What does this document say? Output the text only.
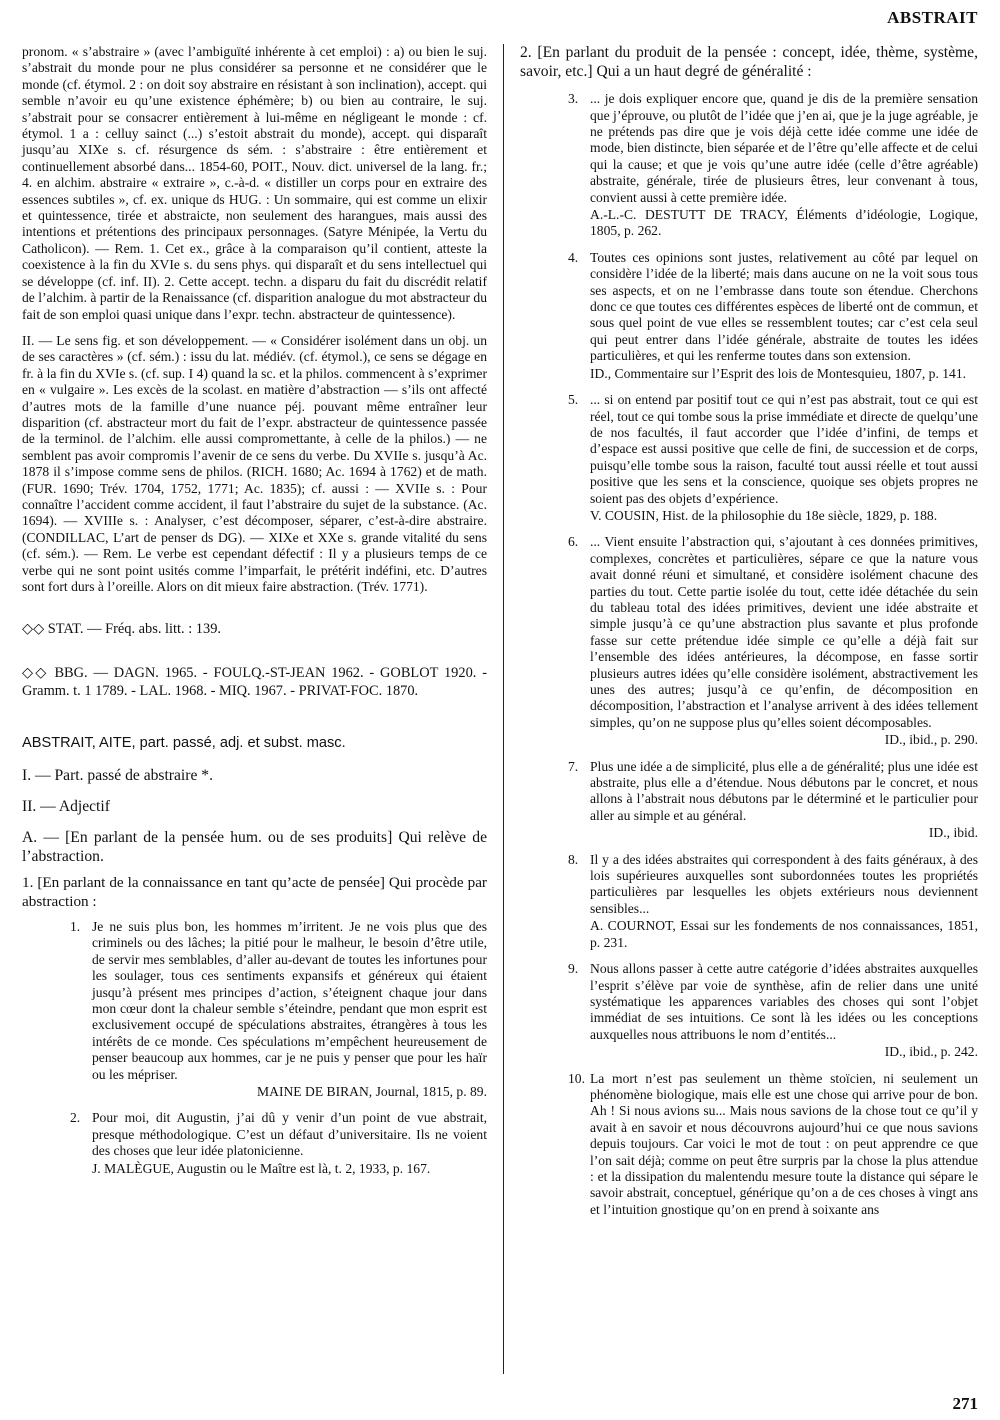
ABSTRAIT

pronom. « s’abstraire » (avec l’ambiguïté inhérente à cet emploi) : a) ou bien le suj. s’abstrait du monde pour ne plus considérer sa personne et ne considérer que le monde (cf. étymol. 2 : on doit soy abstraire en résistant à son inclination), accept. qui semble n’avoir eu qu’une existence éphémère; b) ou bien au contraire, le suj. s’abstrait pour se consacrer entièrement à lui-même en négligeant le monde : cf. étymol. 1 a : celluy sainct (...) s’estoit abstrait du monde), accept. qui disparaît jusqu’au XIXe s. cf. résurgence ds sém. : s’abstraire : être entièrement et continuellement absorbé dans... 1854-60, POIT., Nouv. dict. universel de la lang. fr.; 4. en alchim. abstraire « extraire », c.-à-d. « distiller un corps pour en extraire des essences subtiles », cf. ex. unique ds HUG. : Un sommaire, qui est comme un elixir et quintessence, tirée et abstraicte, non seulement des harangues, mais aussi des intentions et prétentions des principaux personnages. (Satyre Ménipée, la Vertu du Catholicon). — Rem. 1. Cet ex., grâce à la comparaison qu’il contient, atteste la coexistence à la fin du XVIe s. du sens phys. qui disparaît et du sens intellectuel qui se développe (cf. inf. II). 2. Cette accept. techn. a disparu du fait du discrédit relatif de l’alchim. à partir de la Renaissance (cf. disparition analogue du mot abstracteur du fait de son emploi quasi unique dans l’expr. techn. abstracteur de quintessence).

II. — Le sens fig. et son développement. — « Considérer isolément dans un obj. un de ses caractères » (cf. sém.) : issu du lat. médiév. (cf. étymol.), ce sens se dégage en fr. à la fin du XVIe s. (cf. sup. I 4) quand la sc. et la philos. commencent à s’exprimer en « vulgaire ». Les excès de la scolast. en matière d’abstraction — s’ils ont affecté d’autres mots de la famille d’une nuance péj. pouvant même entraîner leur disparition (cf. abstracteur mort du fait de l’expr. abstracteur de quintessence passée de la terminol. de l’alchim. elle aussi compromettante, à celle de la philos.) — ne semblent pas avoir compromis l’avenir de ce sens du verbe. Du XVIIe s. jusqu’à Ac. 1878 il s’impose comme sens de philos. (RICH. 1680; Ac. 1694 à 1762) et de math. (FUR. 1690; Trév. 1704, 1752, 1771; Ac. 1835); cf. aussi : — XVIIe s. : Pour connaître l’accident comme accident, il faut l’abstraire du sujet de la substance. (Ac. 1694). — XVIIIe s. : Analyser, c’est décomposer, séparer, c’est-à-dire abstraire. (CONDILLAC, L’art de penser ds DG). — XIXe et XXe s. grande vitalité du sens (cf. sém.). — Rem. Le verbe est cependant défectif : Il y a plusieurs temps de ce verbe qui ne sont point usités comme l’imparfait, le prétérit indéfini, etc. D’autres sont fort durs à l’oreille. Alors on dit mieux faire abstraction. (Trév. 1771).

◇◇ STAT. — Fréq. abs. litt. : 139.

◇◇ BBG. — DAGN. 1965. - FOULQ.-ST-JEAN 1962. - GOBLOT 1920. - Gramm. t. 1 1789. - LAL. 1968. - MIQ. 1967. - PRIVAT-FOC. 1870.

ABSTRAIT, AITE, part. passé, adj. et subst. masc.

I. — Part. passé de abstraire *.

II. — Adjectif

A. — [En parlant de la pensée hum. ou de ses produits] Qui relève de l’abstraction.

1. [En parlant de la connaissance en tant qu’acte de pensée] Qui procède par abstraction :

1. Je ne suis plus bon, les hommes m’irritent. Je ne vois plus que des criminels ou des lâches; la pitié pour le malheur, le besoin d’être utile, de servir mes semblables, d’aller au-devant de toutes les infortunes pour les soulager, tous ces sentiments expansifs et généreux qui étaient jusqu’à présent mes principes d’action, s’éteignent chaque jour dans mon cœur dont la chaleur semble s’éteindre, pendant que mon esprit est exclusivement occupé de spéculations abstraites, étrangères à tous les intérêts de ce monde. Ces spéculations m’empêchent heureusement de penser beaucoup aux hommes, car je ne puis y penser que pour les haïr ou les mépriser.
MAINE DE BIRAN, Journal, 1815, p. 89.
2. Pour moi, dit Augustin, j’ai dû y venir d’un point de vue abstrait, presque méthodologique. C’est un défaut d’universitaire. Ils ne voient des choses que leur idée platonicienne.
J. MALÈGUE, Augustin ou le Maître est là, t. 2, 1933, p. 167.

2. [En parlant du produit de la pensée : concept, idée, thème, système, savoir, etc.] Qui a un haut degré de généralité :

3. ... je dois expliquer encore que, quand je dis de la première sensation que j’éprouve, ou plutôt de l’idée que j’en ai, que je la juge agréable, je ne prétends pas dire que je vois déjà cette idée comme une idée de mode, bien distincte, bien séparée et de l’être qu’elle affecte et de celui qui la cause; et que je vois qu’une autre idée (celle d’être agréable) abstraite, générale, tirée de plusieurs êtres, leur convenant à tous, convient aussi à cette première idée.
A.-L.-C. DESTUTT DE TRACY, Éléments d’idéologie, Logique, 1805, p. 262.
4. Toutes ces opinions sont justes, relativement au côté par lequel on considère l’idée de la liberté; mais dans aucune on ne la voit sous tous ses aspects, et on ne l’embrasse dans toute son étendue. Cherchons donc ce que toutes ces différentes espèces de liberté ont de commun, et sous quel point de vue elles se ressemblent toutes; car c’est cela seul qui peut entrer dans l’idée générale, abstraite de toutes les idées particulières, et qui les renferme toutes dans son extension.
ID., Commentaire sur l’Esprit des lois de Montesquieu, 1807, p. 141.
5. ... si on entend par positif tout ce qui n’est pas abstrait, tout ce qui est réel, tout ce qui tombe sous la prise immédiate et directe de quelqu’une de nos facultés, il faut accorder que l’idée d’infini, de temps et d’espace est aussi positive que celle de fini, de succession et de corps, puisqu’elle tombe sous la raison, faculté tout aussi réelle et tout aussi positive que les sens et la conscience, quoique ses objets propres ne soient pas des objets d’expérience.
V. COUSIN, Hist. de la philosophie du 18e siècle, 1829, p. 188.
6. ... Vient ensuite l’abstraction qui, s’ajoutant à ces données primitives, complexes, concrètes et particulières, sépare ce que la nature vous avait donné réuni et simultané, et considère isolément chacune des parties du tout. Cette partie isolée du tout, cette idée détachée du sein du tableau total des idées primitives, devient une idée abstraite et simple jusqu’à ce qu’une abstraction plus savante et plus profonde fasse sur cette prétendue idée simple ce qu’elle a déjà fait sur l’ensemble des idées antérieures, la décompose, en fasse sortir plusieurs autres idées qu’elle considère isolément, abstractivement les unes des autres; jusqu’à ce qu’enfin, de décomposition en décomposition, l’abstraction et l’analyse arrivent à des idées tellement simples, qu’on ne suppose plus qu’elles soient décomposables.
ID., ibid., p. 290.
7. Plus une idée a de simplicité, plus elle a de généralité; plus une idée est abstraite, plus elle a d’étendue. Nous débutons par le concret, et nous allons à l’abstrait nous débutons par le déterminé et le particulier pour aller au simple et au général.
ID., ibid.
8. Il y a des idées abstraites qui correspondent à des faits généraux, à des lois supérieures auxquelles sont subordonnées toutes les propriétés particulières par lesquelles les objets extérieurs nous deviennent sensibles...
A. COURNOT, Essai sur les fondements de nos connaissances, 1851, p. 231.
9. Nous allons passer à cette autre catégorie d’idées abstraites auxquelles l’esprit s’élève par voie de synthèse, afin de relier dans une unité systématique les apparences variables des choses qui sont l’objet immédiat de ses intuitions. Ce sont là les idées ou les conceptions auxquelles nous attribuons le nom d’entités...
ID., ibid., p. 242.
10. La mort n’est pas seulement un thème stoïcien, ni seulement un phénomène biologique, mais elle est une chose qui arrive pour de bon. Ah ! Si nous avions su... Mais nous savions de la chose tout ce qu’il y avait à en savoir et nous découvrons aujourd’hui ce que nous savions depuis toujours. Car voici le mot de tout : on peut apprendre ce que l’on sait déjà; comme on peut être surpris par la chose la plus attendue : et la dissipation du malentendu mesure toute la distance qui sépare le savoir abstrait, conceptuel, générique qu’on a de ces choses à vingt ans et l’intuition gnostique qu’on en prend à soixante ans
271
